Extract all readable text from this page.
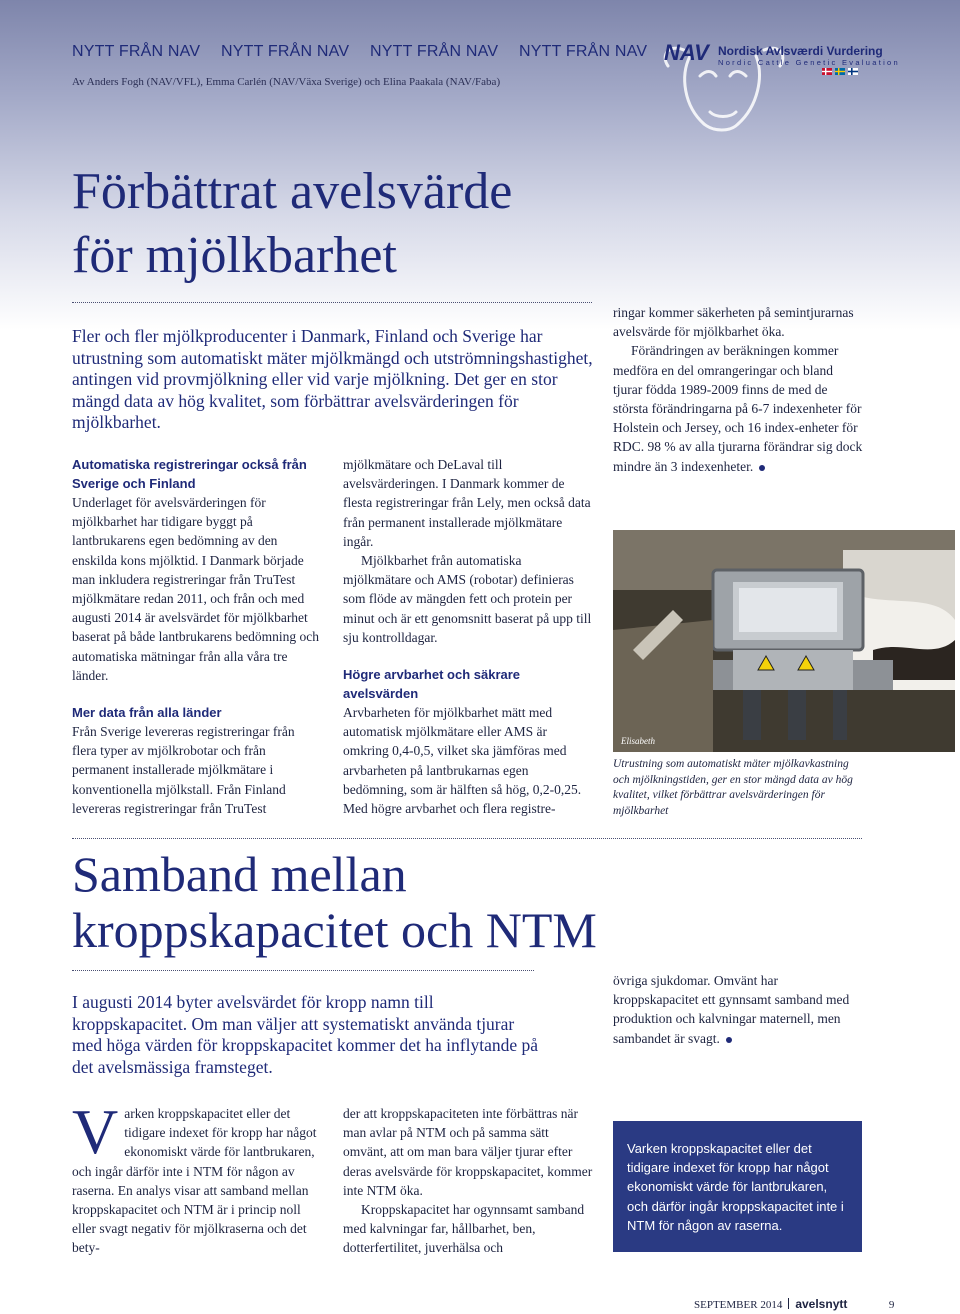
NYTT FRÅN NAV NYTT FRÅN NAV NYTT FRÅN NAV NYTT FRÅN NAV
Av Anders Fogh (NAV/VFL), Emma Carlén (NAV/Växa Sverige) och Elina Paakala (NAV/Faba)
NAV Nordisk Avlsværdi Vurdering
Nordic Cattle Genetic Evaluation
Förbättrat avelsvärde
för mjölkbarhet
Fler och fler mjölkproducenter i Danmark, Finland och Sverige har utrustning som automatiskt mäter mjölkmängd och utströmningshastighet, antingen vid provmjölkning eller vid varje mjölkning. Det ger en stor mängd data av hög kvalitet, som förbättrar avelsvärderingen för mjölkbarhet.

Automatiska registreringar också från Sverige och Finland

Underlaget för avelsvärderingen för mjölkbarhet har tidigare byggt på lantbrukarens egen bedömning av den enskilda kons mjölktid. I Danmark började man inkludera registreringar från TruTest mjölkmätare redan 2011, och från och med augusti 2014 är avelsvärdet för mjölkbarhet baserat på både lantbrukarens bedömning och automatiska mätningar från alla våra tre länder.

Mer data från alla länder

Från Sverige levereras registreringar från flera typer av mjölkrobotar och från permanent installerade mjölkmätare i konventionella mjölkstall. Från Finland levereras registreringar från TruTest

mjölkmätare och DeLaval till avelsvärderingen. I Danmark kommer de flesta registreringar från Lely, men också data från permanent installerade mjölkmätare ingår.

Mjölkbarhet från automatiska mjölkmätare och AMS (robotar) definieras som flöde av mängden fett och protein per minut och är ett genomsnitt baserat på upp till sju kontrolldagar.

Högre arvbarhet och säkrare avelsvärden

Arvbarheten för mjölkbarhet mätt med automatisk mjölkmätare eller AMS är omkring 0,4-0,5, vilket ska jämföras med arvbarheten på lantbrukarnas egen bedömning, som är hälften så hög, 0,2-0,25. Med högre arvbarhet och flera registre-

ringar kommer säkerheten på semintjurarnas avelsvärde för mjölkbarhet öka.

Förändringen av beräkningen kommer medföra en del omrangeringar och bland tjurar födda 1989-2009 finns de med de största förändringarna på 6-7 indexenheter för Holstein och Jersey, och 16 index-enheter för RDC. 98 % av alla tjurarna förändrar sig dock mindre än 3 indexenheter.

Elisabeth
Utrustning som automatiskt mäter mjölkavkastning och mjölkningstiden, ger en stor mängd data av hög kvalitet, vilket förbättrar avelsvärderingen för mjölkbarhet
Samband mellan
kroppskapacitet och NTM
I augusti 2014 byter avelsvärdet för kropp namn till kroppskapacitet. Om man väljer att systematiskt använda tjurar med höga värden för kroppskapacitet kommer det ha inflytande på det avelsmässiga framsteget.

övriga sjukdomar. Omvänt har kroppskapacitet ett gynnsamt samband med produktion och kalvningar maternell, men sambandet är svagt.

Varken kroppskapacitet eller det tidigare indexet för kropp har något ekonomiskt värde för lantbrukaren, och ingår därför inte i NTM för någon av raserna. En analys visar att samband mellan kroppskapacitet och NTM är i princip noll eller svagt negativ för mjölkraserna och det bety-

der att kroppskapaciteten inte förbättras när man avlar på NTM och på samma sätt omvänt, att om man bara väljer tjurar efter deras avelsvärde för kroppskapacitet, kommer inte NTM öka.

Kroppskapacitet har ogynnsamt samband med kalvningar far, hållbarhet, ben, dotterfertilitet, juverhälsa och

Varken kroppskapacitet eller det tidigare indexet för kropp har något ekonomiskt värde för lantbrukaren, och därför ingår kroppskapacitet inte i NTM för någon av raserna.
SEPTEMBER 2014 avelsnytt	9
